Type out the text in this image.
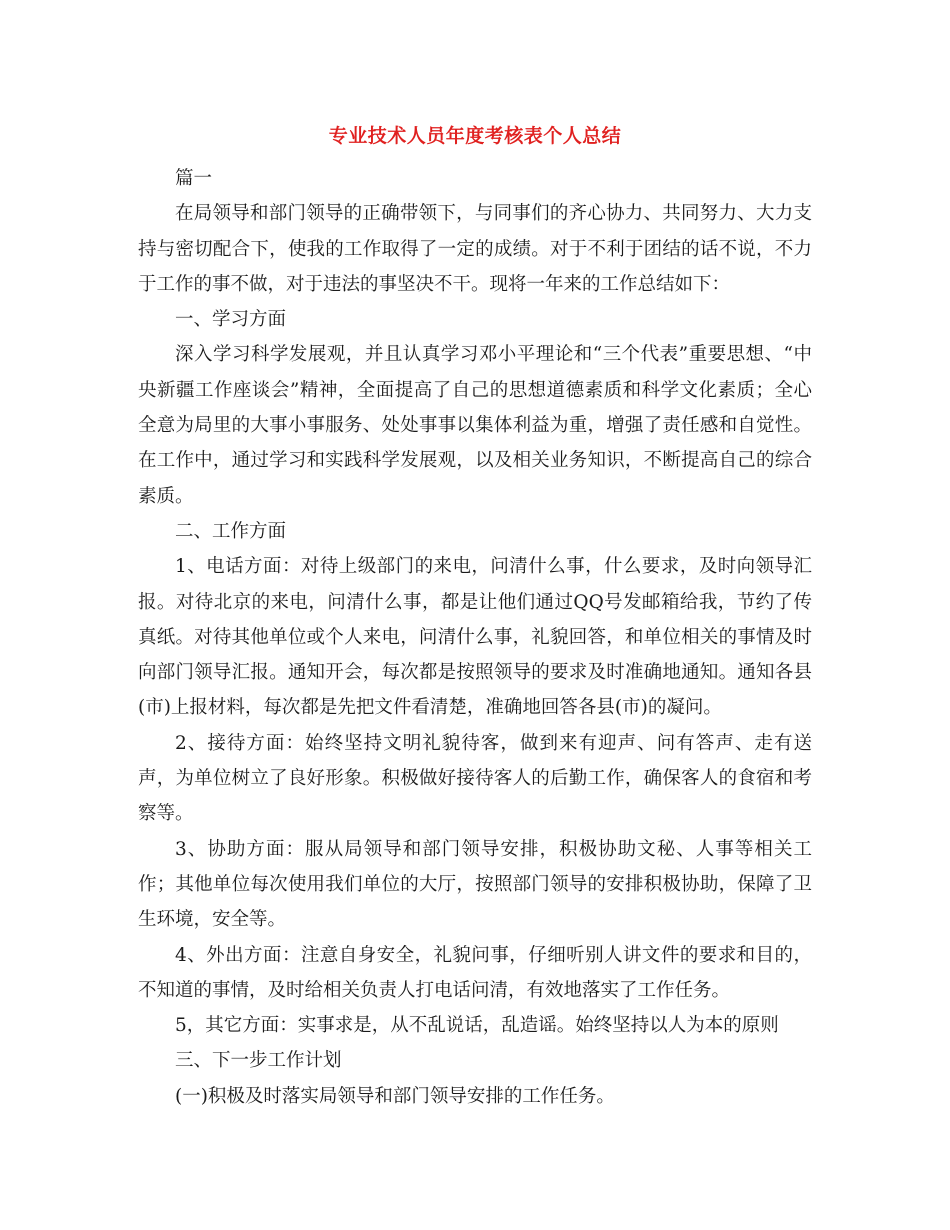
专业技术人员年度考核表个人总结

篇一

在局领导和部门领导的正确带领下，与同事们的齐心协力、共同努力、大力支持与密切配合下，使我的工作取得了一定的成绩。对于不利于团结的话不说，不力于工作的事不做，对于违法的事坚决不干。现将一年来的工作总结如下：

一、学习方面

深入学习科学发展观，并且认真学习邓小平理论和“三个代表”重要思想、“中央新疆工作座谈会”精神，全面提高了自己的思想道德素质和科学文化素质；全心全意为局里的大事小事服务、处处事事以集体利益为重，增强了责任感和自觉性。在工作中，通过学习和实践科学发展观，以及相关业务知识，不断提高自己的综合素质。

二、工作方面

1、电话方面：对待上级部门的来电，问清什么事，什么要求，及时向领导汇报。对待北京的来电，问清什么事，都是让他们通过QQ号发邮箱给我，节约了传真纸。对待其他单位或个人来电，问清什么事，礼貌回答，和单位相关的事情及时向部门领导汇报。通知开会，每次都是按照领导的要求及时准确地通知。通知各县(市)上报材料，每次都是先把文件看清楚，准确地回答各县(市)的凝问。

2、接待方面：始终坚持文明礼貌待客，做到来有迎声、问有答声、走有送声，为单位树立了良好形象。积极做好接待客人的后勤工作，确保客人的食宿和考察等。

3、协助方面：服从局领导和部门领导安排，积极协助文秘、人事等相关工作；其他单位每次使用我们单位的大厅，按照部门领导的安排积极协助，保障了卫生环境，安全等。

4、外出方面：注意自身安全，礼貌问事，仔细听别人讲文件的要求和目的，不知道的事情，及时给相关负责人打电话问清，有效地落实了工作任务。

5，其它方面：实事求是，从不乱说话，乱造谣。始终坚持以人为本的原则

三、下一步工作计划

(一)积极及时落实局领导和部门领导安排的工作任务。
